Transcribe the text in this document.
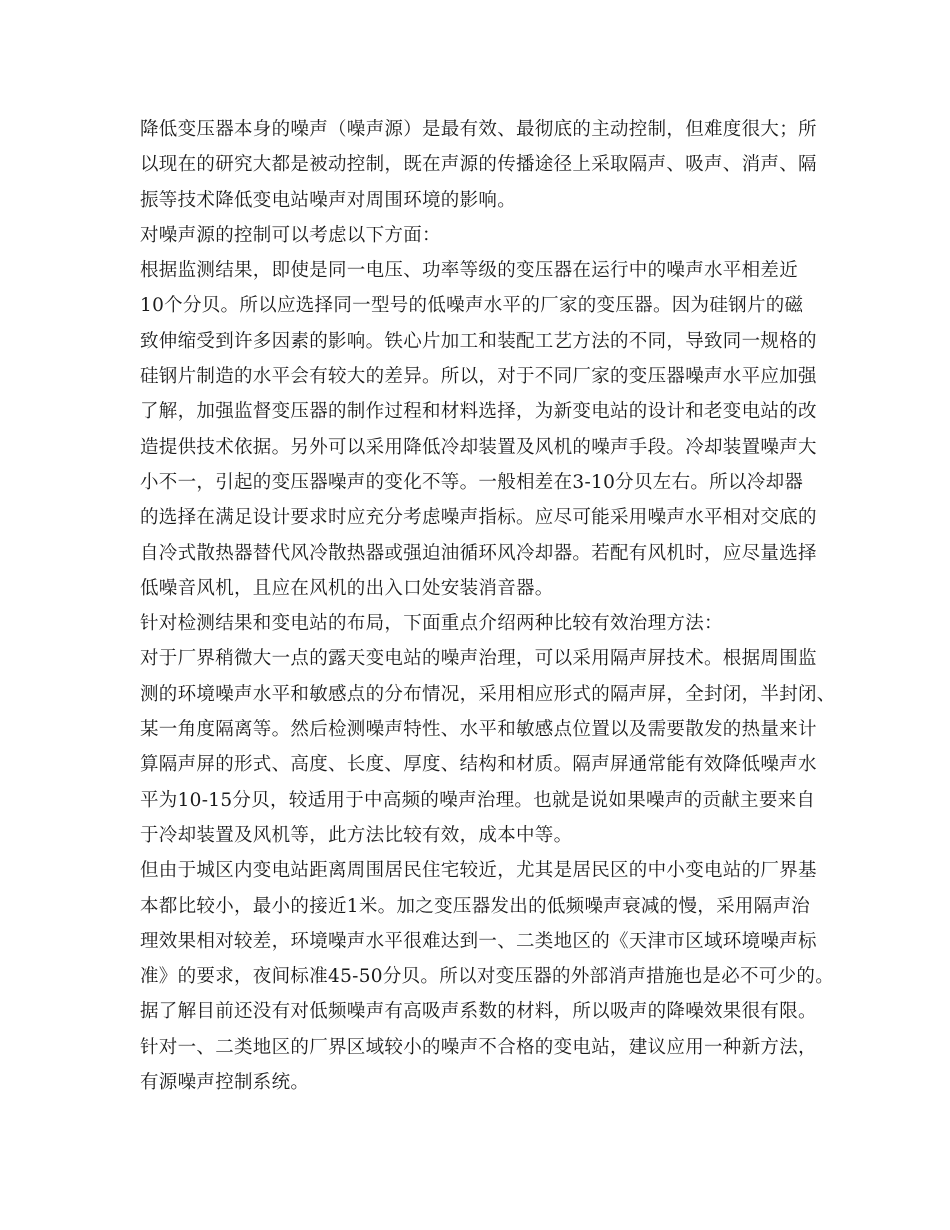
降低变压器本身的噪声（噪声源）是最有效、最彻底的主动控制，但难度很大；所
以现在的研究大都是被动控制，既在声源的传播途径上采取隔声、吸声、消声、隔
振等技术降低变电站噪声对周围环境的影响。
对噪声源的控制可以考虑以下方面：
根据监测结果，即使是同一电压、功率等级的变压器在运行中的噪声水平相差近
10个分贝。所以应选择同一型号的低噪声水平的厂家的变压器。因为硅钢片的磁
致伸缩受到许多因素的影响。铁心片加工和装配工艺方法的不同，导致同一规格的
硅钢片制造的水平会有较大的差异。所以，对于不同厂家的变压器噪声水平应加强
了解，加强监督变压器的制作过程和材料选择，为新变电站的设计和老变电站的改
造提供技术依据。另外可以采用降低冷却装置及风机的噪声手段。冷却装置噪声大
小不一，引起的变压器噪声的变化不等。一般相差在3-10分贝左右。所以冷却器
的选择在满足设计要求时应充分考虑噪声指标。应尽可能采用噪声水平相对交底的
自冷式散热器替代风冷散热器或强迫油循环风冷却器。若配有风机时，应尽量选择
低噪音风机，且应在风机的出入口处安装消音器。
针对检测结果和变电站的布局，下面重点介绍两种比较有效治理方法：
对于厂界稍微大一点的露天变电站的噪声治理，可以采用隔声屏技术。根据周围监
测的环境噪声水平和敏感点的分布情况，采用相应形式的隔声屏，全封闭，半封闭、
某一角度隔离等。然后检测噪声特性、水平和敏感点位置以及需要散发的热量来计
算隔声屏的形式、高度、长度、厚度、结构和材质。隔声屏通常能有效降低噪声水
平为10-15分贝，较适用于中高频的噪声治理。也就是说如果噪声的贡献主要来自
于冷却装置及风机等，此方法比较有效，成本中等。
但由于城区内变电站距离周围居民住宅较近，尤其是居民区的中小变电站的厂界基
本都比较小，最小的接近1米。加之变压器发出的低频噪声衰减的慢，采用隔声治
理效果相对较差，环境噪声水平很难达到一、二类地区的《天津市区域环境噪声标
准》的要求，夜间标准45-50分贝。所以对变压器的外部消声措施也是必不可少的。
据了解目前还没有对低频噪声有高吸声系数的材料，所以吸声的降噪效果很有限。
针对一、二类地区的厂界区域较小的噪声不合格的变电站，建议应用一种新方法，
有源噪声控制系统。
